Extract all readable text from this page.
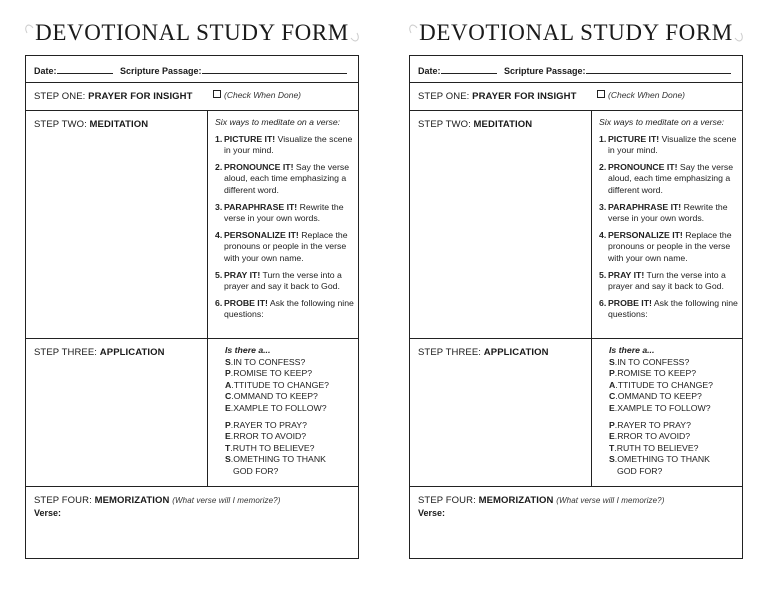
DEVOTIONAL STUDY FORM
Date:	Scripture Passage:
STEP ONE: PRAYER FOR INSIGHT	(Check When Done)
STEP TWO: MEDITATION	Six ways to meditate on a verse:
1. PICTURE IT! Visualize the scene in your mind.
2. PRONOUNCE IT! Say the verse aloud, each time emphasizing a different word.
3. PARAPHRASE IT! Rewrite the verse in your own words.
4. PERSONALIZE IT! Replace the pronouns or people in the verse with your own name.
5. PRAY IT! Turn the verse into a prayer and say it back to God.
6. PROBE IT! Ask the following nine questions:
STEP THREE: APPLICATION	Is there a...
S.IN TO CONFESS?
P.ROMISE TO KEEP?
A.TTITUDE TO CHANGE?
C.OMMAND TO KEEP?
E.XAMPLE TO FOLLOW?
P.RAYER TO PRAY?
E.RROR TO AVOID?
T.RUTH TO BELIEVE?
S.OMETHING TO THANK
GOD FOR?
STEP FOUR: MEMORIZATION (What verse will I memorize?)
Verse:
DEVOTIONAL STUDY FORM
Date:	Scripture Passage:
STEP ONE: PRAYER FOR INSIGHT	(Check When Done)
STEP TWO: MEDITATION	Six ways to meditate on a verse:
1. PICTURE IT! Visualize the scene in your mind.
2. PRONOUNCE IT! Say the verse aloud, each time emphasizing a different word.
3. PARAPHRASE IT! Rewrite the verse in your own words.
4. PERSONALIZE IT! Replace the pronouns or people in the verse with your own name.
5. PRAY IT! Turn the verse into a prayer and say it back to God.
6. PROBE IT! Ask the following nine questions:
STEP THREE: APPLICATION	Is there a...
S.IN TO CONFESS?
P.ROMISE TO KEEP?
A.TTITUDE TO CHANGE?
C.OMMAND TO KEEP?
E.XAMPLE TO FOLLOW?
P.RAYER TO PRAY?
E.RROR TO AVOID?
T.RUTH TO BELIEVE?
S.OMETHING TO THANK
GOD FOR?
STEP FOUR: MEMORIZATION (What verse will I memorize?)
Verse:
